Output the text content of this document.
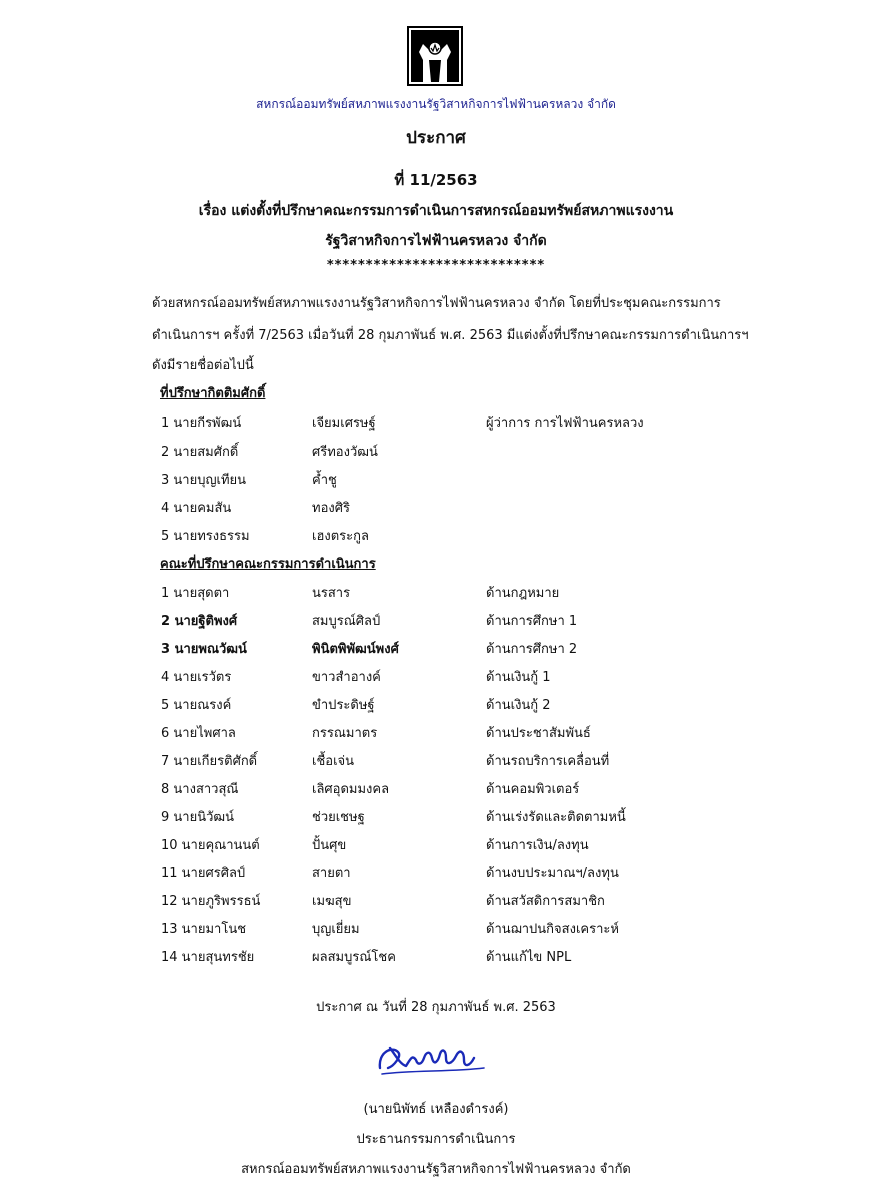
สหกรณ์ออมทรัพย์สหภาพแรงงานรัฐวิสาหกิจการไฟฟ้านครหลวง จำกัด
ประกาศ
ที่ 11/2563
เรื่อง แต่งตั้งที่ปรึกษาคณะกรรมการดำเนินการสหกรณ์ออมทรัพย์สหภาพแรงงาน
รัฐวิสาหกิจการไฟฟ้านครหลวง จำกัด
****************************
ด้วยสหกรณ์ออมทรัพย์สหภาพแรงงานรัฐวิสาหกิจการไฟฟ้านครหลวง จำกัด โดยที่ประชุมคณะกรรมการ
ดำเนินการฯ ครั้งที่ 7/2563 เมื่อวันที่ 28 กุมภาพันธ์ พ.ศ. 2563 มีแต่งตั้งที่ปรึกษาคณะกรรมการดำเนินการฯ
ดังมีรายชื่อต่อไปนี้
ที่ปรึกษากิตติมศักดิ์
1 นายกีรพัฒน์	เจียมเศรษฐ์	ผู้ว่าการ การไฟฟ้านครหลวง
2 นายสมศักดิ์	ศรีทองวัฒน์
3 นายบุญเทียน	ค้ำชู
4 นายคมสัน	ทองศิริ
5 นายทรงธรรม	เฮงตระกูล
คณะที่ปรึกษาคณะกรรมการดำเนินการ
1 นายสุดตา	นรสาร	ด้านกฎหมาย
2 นายฐิติพงศ์	สมบูรณ์ศิลป์	ด้านการศึกษา 1
3 นายพณวัฒน์	พินิตพิพัฒน์พงศ์	ด้านการศึกษา 2
4 นายเรวัตร	ขาวสำอางค์	ด้านเงินกู้ 1
5 นายณรงค์	ขำประดิษฐ์	ด้านเงินกู้ 2
6 นายไพศาล	กรรณมาตร	ด้านประชาสัมพันธ์
7 นายเกียรติศักดิ์	เชื้อเจ่น	ด้านรถบริการเคลื่อนที่
8 นางสาวสุณี	เลิศอุดมมงคล	ด้านคอมพิวเตอร์
9 นายนิวัฒน์	ช่วยเชษฐ	ด้านเร่งรัดและติดตามหนี้
10 นายคุณานนต์	ปั้นศุข	ด้านการเงิน/ลงทุน
11 นายศรศิลป์	สายตา	ด้านงบประมาณฯ/ลงทุน
12 นายภูริพรรธน์	เมฆสุข	ด้านสวัสดิการสมาชิก
13 นายมาโนช	บุญเยี่ยม	ด้านฌาปนกิจสงเคราะห์
14 นายสุนทรชัย	ผลสมบูรณ์โชค	ด้านแก้ไข NPL
ประกาศ ณ วันที่ 28 กุมภาพันธ์ พ.ศ. 2563
(นายนิพัทธ์ เหลืองดำรงค์)
ประธานกรรมการดำเนินการ
สหกรณ์ออมทรัพย์สหภาพแรงงานรัฐวิสาหกิจการไฟฟ้านครหลวง จำกัด
